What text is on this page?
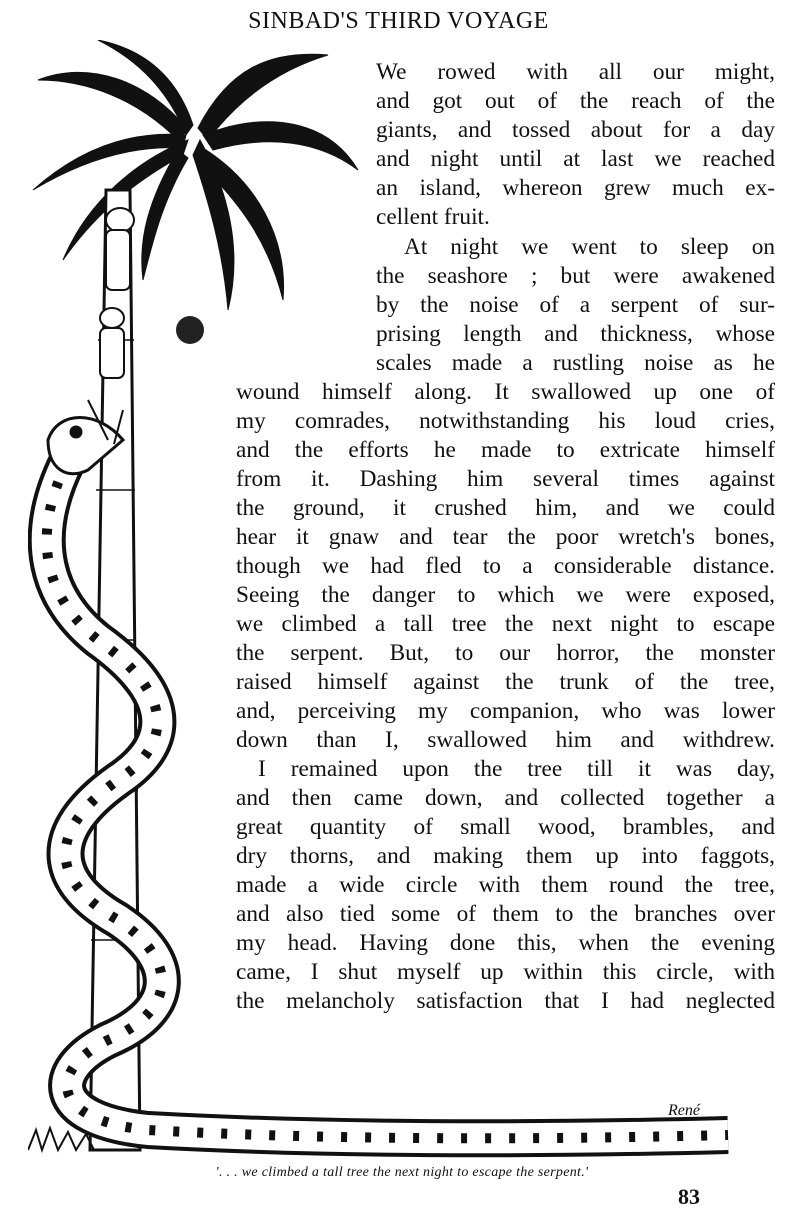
SINBAD'S THIRD VOYAGE
René
We rowed with all our might,
and got out of the reach of the
giants, and tossed about for a day
and night until at last we reached
an island, whereon grew much ex-
cellent fruit.
At night we went to sleep on
the seashore ; but were awakened
by the noise of a serpent of sur-
prising length and thickness, whose
scales made a rustling noise as he
wound himself along. It swallowed up one of
my comrades, notwithstanding his loud cries,
and the efforts he made to extricate himself
from it. Dashing him several times against
the ground, it crushed him, and we could
hear it gnaw and tear the poor wretch's bones,
though we had fled to a considerable distance.
Seeing the danger to which we were exposed,
we climbed a tall tree the next night to escape
the serpent. But, to our horror, the monster
raised himself against the trunk of the tree,
and, perceiving my companion, who was lower
down than I, swallowed him and withdrew.
I remained upon the tree till it was day,
and then came down, and collected together a
great quantity of small wood, brambles, and
dry thorns, and making them up into faggots,
made a wide circle with them round the tree,
and also tied some of them to the branches over
my head. Having done this, when the evening
came, I shut myself up within this circle, with
the melancholy satisfaction that I had neglected
'. . . we climbed a tall tree the next night to escape the serpent.'
83
